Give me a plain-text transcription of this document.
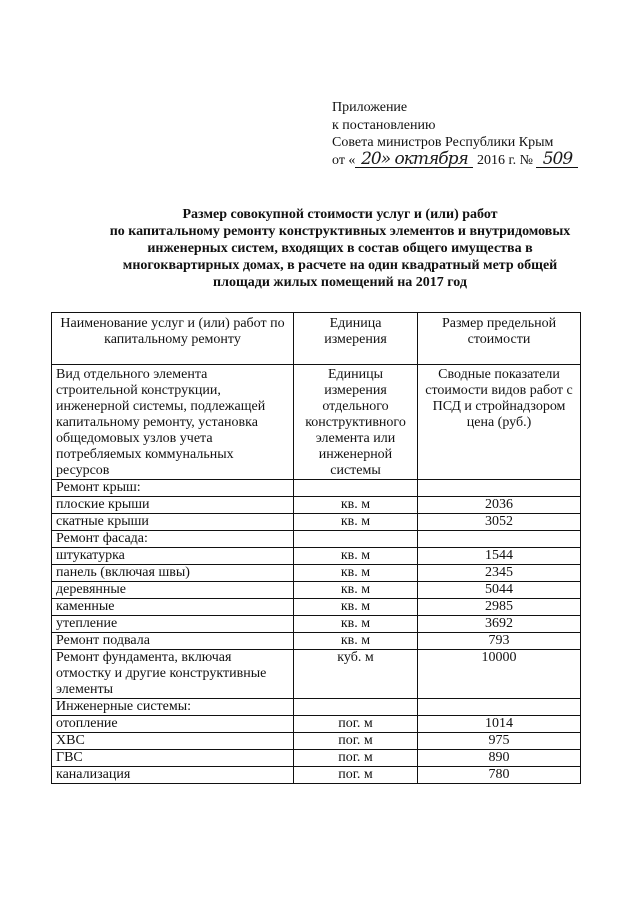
Приложение
к постановлению
Совета министров Республики Крым
от « 20» октября 2016 г. № 509
Размер совокупной стоимости услуг и (или) работ
по капитальному ремонту конструктивных элементов и внутридомовых
инженерных систем, входящих в состав общего имущества в
многоквартирных домах, в расчете на один квадратный метр общей
площади жилых помещений на 2017 год
Наименование услуг и (или) работ по капитальному ремонту	Единица измерения	Размер предельной стоимости
Вид отдельного элемента строительной конструкции, инженерной системы, подлежащей капитальному ремонту, установка общедомовых узлов учета потребляемых коммунальных ресурсов	Единицы измерения отдельного конструктивного элемента или инженерной системы	Сводные показатели стоимости видов работ с ПСД и стройнадзором цена (руб.)
Ремонт крыш:		
плоские крыши	кв. м	2036
скатные крыши	кв. м	3052
Ремонт фасада:		
штукатурка	кв. м	1544
панель (включая швы)	кв. м	2345
деревянные	кв. м	5044
каменные	кв. м	2985
утепление	кв. м	3692
Ремонт подвала	кв. м	793
Ремонт фундамента, включая отмостку и другие конструктивные элементы	куб. м	10000
Инженерные системы:		
отопление	пог. м	1014
ХВС	пог. м	975
ГВС	пог. м	890
канализация	пог. м	780
